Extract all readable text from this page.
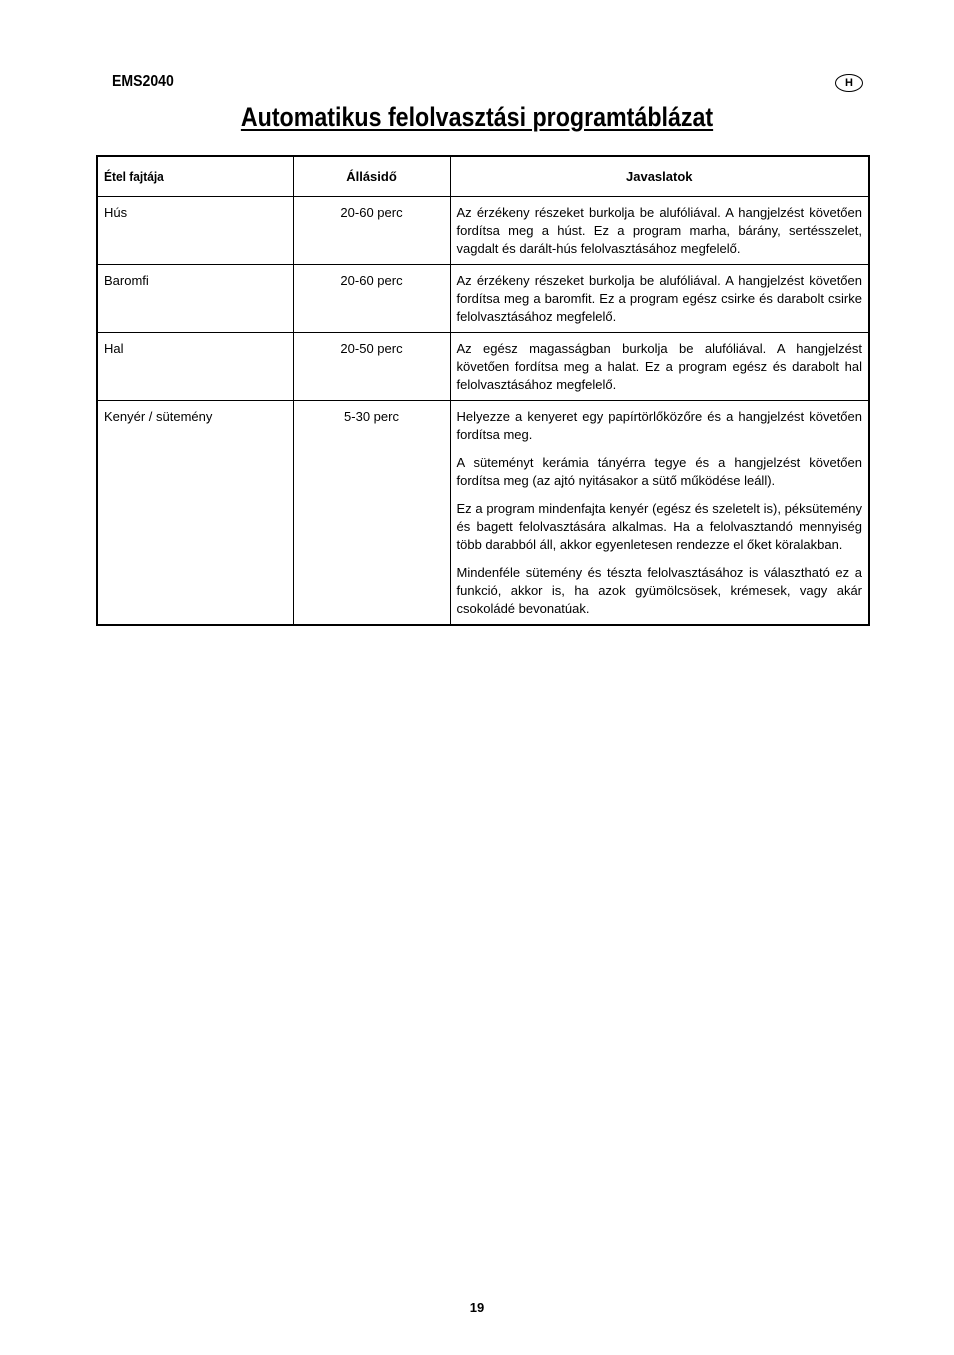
EMS2040	H
Automatikus felolvasztási programtáblázat
Étel fajtája	Állásidő	Javaslatok

Hús	20-60 perc	Az érzékeny részeket burkolja be alufóliával. A hangjelzést követően fordítsa meg a húst. Ez a program marha, bárány, sertésszelet, vagdalt és darált-hús felolvasztásához megfelelő.

Baromfi	20-60 perc	Az érzékeny részeket burkolja be alufóliával. A hangjelzést követően fordítsa meg a baromfit. Ez a program egész csirke és darabolt csirke felolvasztásához megfelelő.

Hal	20-50 perc	Az egész magasságban burkolja be alufóliával. A hangjelzést követően fordítsa meg a halat. Ez a program egész és darabolt hal felolvasztásához megfelelő.

Kenyér / sütemény	5-30 perc	Helyezze a kenyeret egy papírtörlőközőre és a hangjelzést követően fordítsa meg.

A süteményt kerámia tányérra tegye és a hangjelzést követően fordítsa meg (az ajtó nyitásakor a sütő működése leáll).

Ez a program mindenfajta kenyér (egész és szeletelt is), péksütemény és bagett felolvasztására alkalmas. Ha a felolvasztandó mennyiség több darabból áll, akkor egyenletesen rendezze el őket köralakban.

Mindenféle sütemény és tészta felolvasztásához is választható ez a funkció, akkor is, ha azok gyümölcsösek, krémesek, vagy akár csokoládé bevonatúak.

19
